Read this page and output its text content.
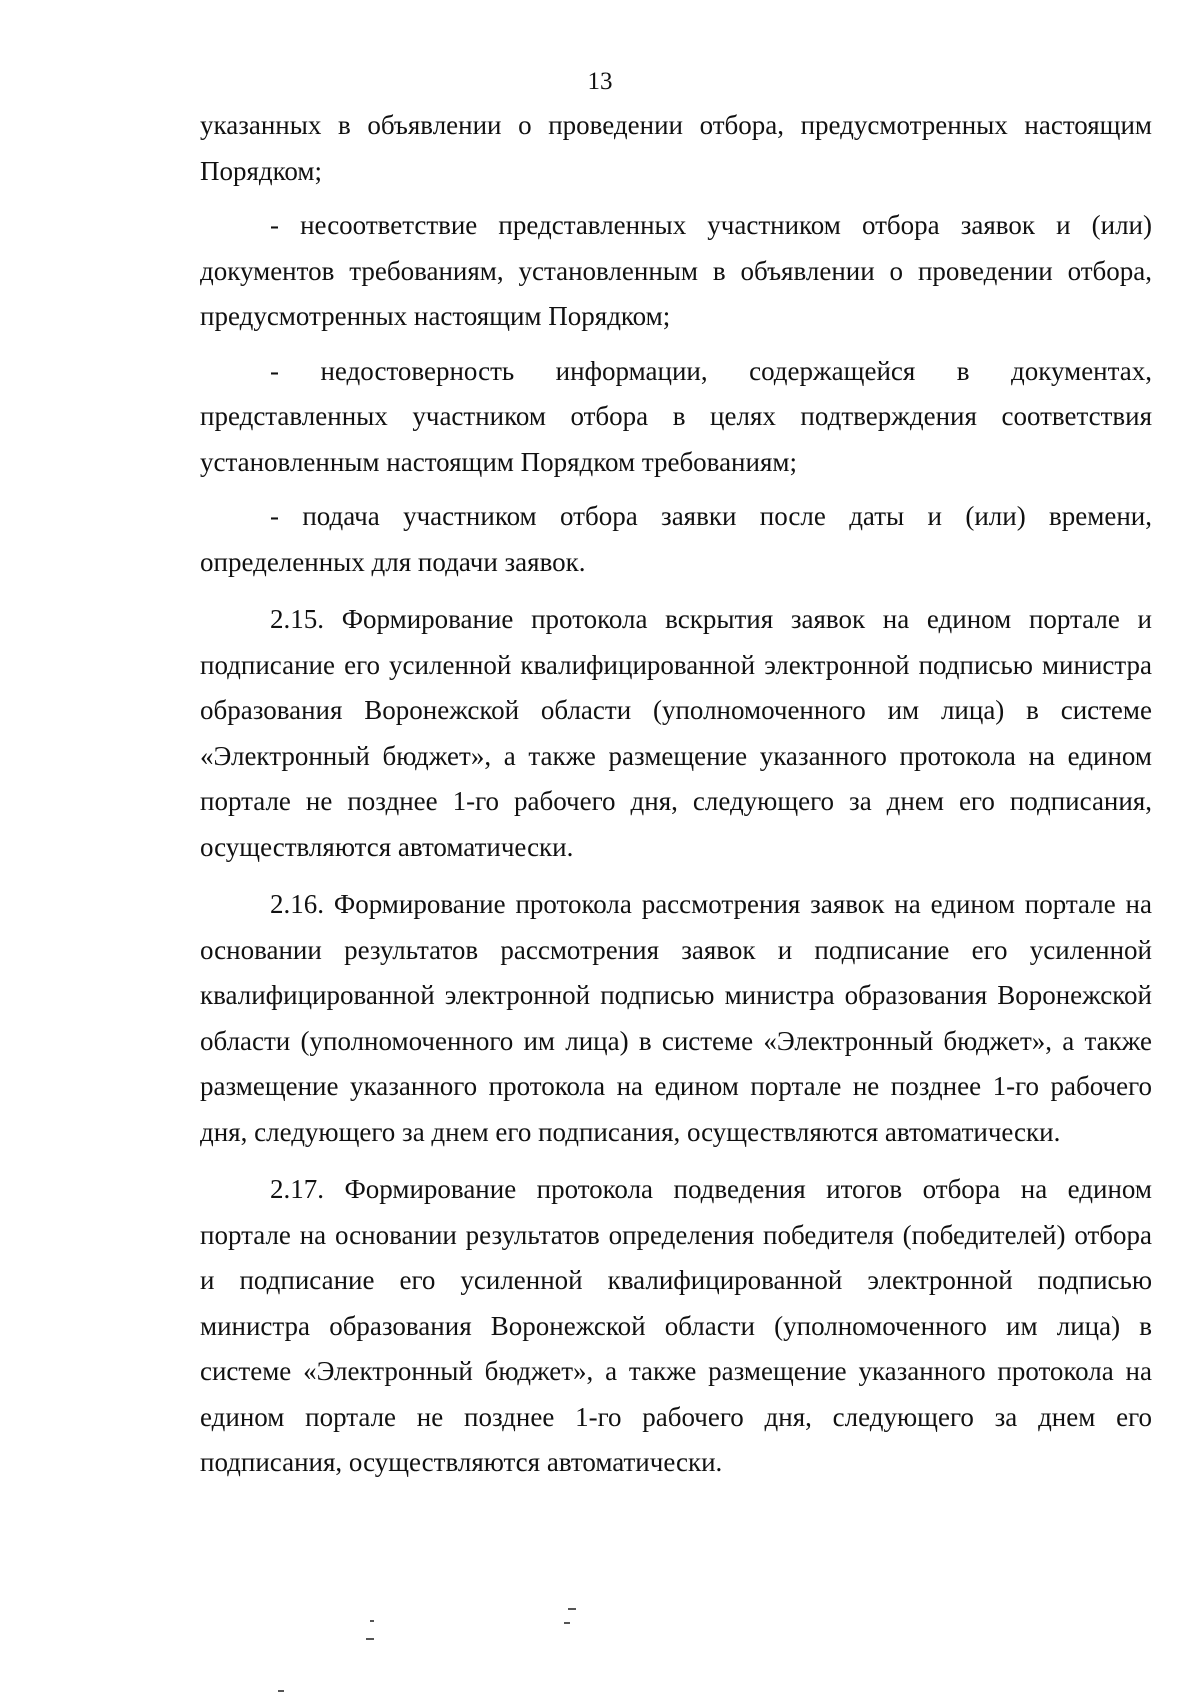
13

указанных в объявлении о проведении отбора, предусмотренных настоящим Порядком;

- несоответствие представленных участником отбора заявок и (или) документов требованиям, установленным в объявлении о проведении отбора, предусмотренных настоящим Порядком;

- недостоверность информации, содержащейся в документах, представленных участником отбора в целях подтверждения соответствия установленным настоящим Порядком требованиям;

- подача участником отбора заявки после даты и (или) времени, определенных для подачи заявок.

2.15. Формирование протокола вскрытия заявок на едином портале и подписание его усиленной квалифицированной электронной подписью министра образования Воронежской области (уполномоченного им лица) в системе «Электронный бюджет», а также размещение указанного протокола на едином портале не позднее 1-го рабочего дня, следующего за днем его подписания, осуществляются автоматически.

2.16. Формирование протокола рассмотрения заявок на едином портале на основании результатов рассмотрения заявок и подписание его усиленной квалифицированной электронной подписью министра образования Воронежской области (уполномоченного им лица) в системе «Электронный бюджет», а также размещение указанного протокола на едином портале не позднее 1-го рабочего дня, следующего за днем его подписания, осуществляются автоматически.

2.17. Формирование протокола подведения итогов отбора на едином портале на основании результатов определения победителя (победителей) отбора и подписание его усиленной квалифицированной электронной подписью министра образования Воронежской области (уполномоченного им лица) в системе «Электронный бюджет», а также размещение указанного протокола на едином портале не позднее 1-го рабочего дня, следующего за днем его подписания, осуществляются автоматически.
